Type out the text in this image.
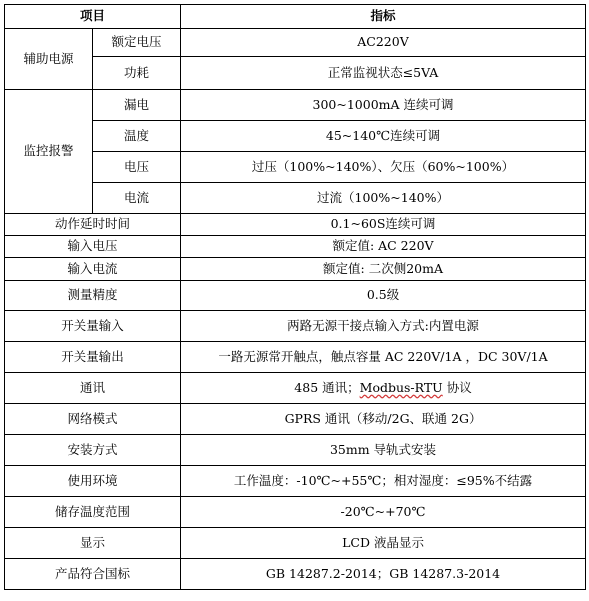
项目		指标
辅助电源	额定电压	AC220V
	功耗	正常监视状态≤5VA
监控报警	漏电	300~1000mA 连续可调
	温度	45~140℃连续可调
	电压	过压（100%~140%）、欠压（60%~100%）
	电流	过流（100%~140%）
动作延时时间		0.1~60S连续可调
输入电压		额定值: AC 220V
输入电流		额定值: 二次侧20mA
测量精度		0.5级
开关量输入		两路无源干接点输入方式:内置电源
开关量输出		一路无源常开触点，触点容量 AC 220V/1A ，DC 30V/1A
通讯		485 通讯；Modbus-RTU 协议
网络模式		GPRS 通讯（移动/2G、联通 2G）
安装方式		35mm 导轨式安装
使用环境		工作温度：-10℃~+55℃；相对湿度：≤95%不结露
储存温度范围		-20℃~+70℃
显示		LCD 液晶显示
产品符合国标		GB 14287.2-2014；GB 14287.3-2014
